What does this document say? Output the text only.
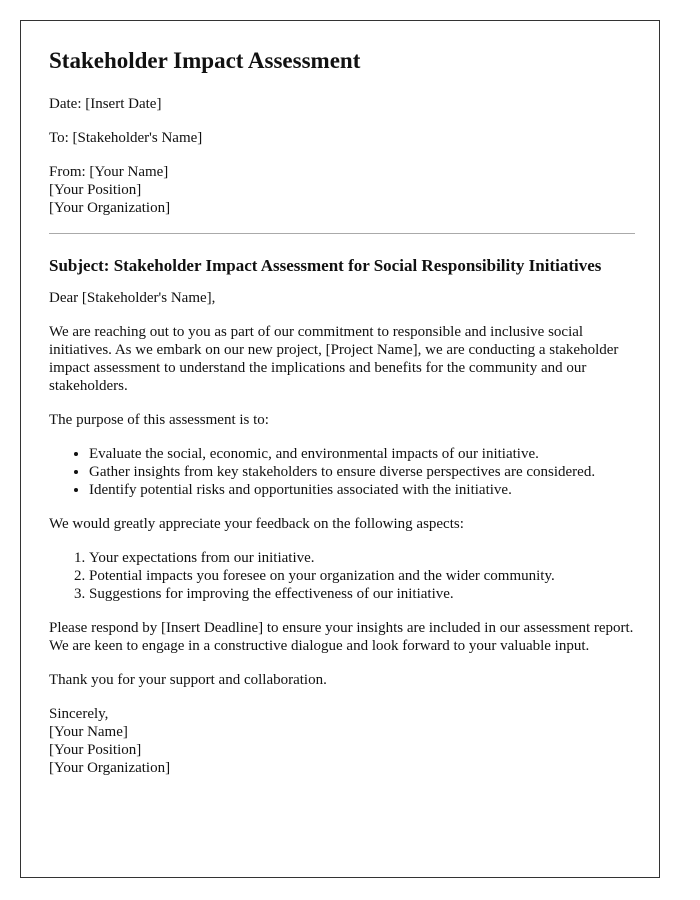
Stakeholder Impact Assessment

Date: [Insert Date]

To: [Stakeholder's Name]

From: [Your Name]
[Your Position]
[Your Organization]
Subject: Stakeholder Impact Assessment for Social Responsibility Initiatives

Dear [Stakeholder's Name],

We are reaching out to you as part of our commitment to responsible and inclusive social initiatives. As we embark on our new project, [Project Name], we are conducting a stakeholder impact assessment to understand the implications and benefits for the community and our stakeholders.

The purpose of this assessment is to:

• Evaluate the social, economic, and environmental impacts of our initiative.
• Gather insights from key stakeholders to ensure diverse perspectives are considered.
• Identify potential risks and opportunities associated with the initiative.

We would greatly appreciate your feedback on the following aspects:

1. Your expectations from our initiative.
2. Potential impacts you foresee on your organization and the wider community.
3. Suggestions for improving the effectiveness of our initiative.

Please respond by [Insert Deadline] to ensure your insights are included in our assessment report. We are keen to engage in a constructive dialogue and look forward to your valuable input.

Thank you for your support and collaboration.

Sincerely,
[Your Name]
[Your Position]
[Your Organization]
